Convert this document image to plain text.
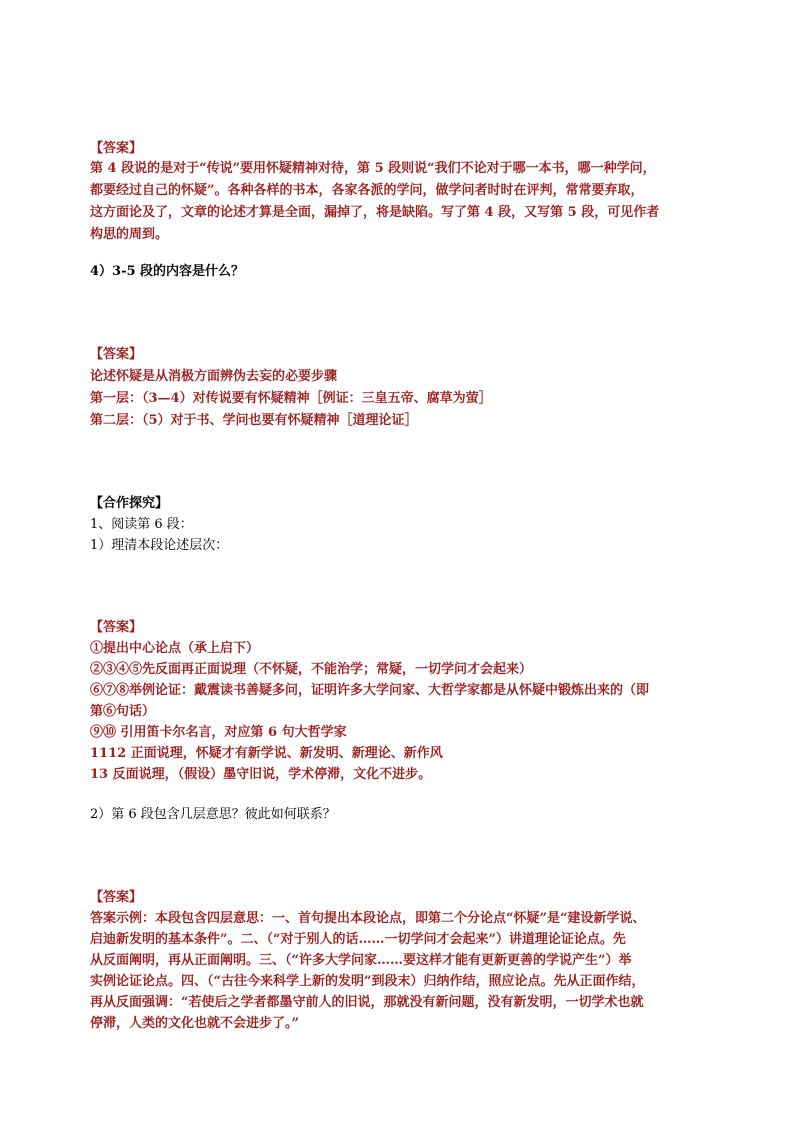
【答案】
第 4 段说的是对于“传说”要用怀疑精神对待，第 5 段则说“我们不论对于哪一本书，哪一种学问，
都要经过自己的怀疑”。各种各样的书本，各家各派的学问，做学问者时时在评判，常常要弃取，
这方面论及了，文章的论述才算是全面，漏掉了，将是缺陷。写了第 4 段，又写第 5 段，可见作者
构思的周到。
4）3-5 段的内容是什么？
【答案】
论述怀疑是从消极方面辨伪去妄的必要步骤
第一层：（3—4）对传说要有怀疑精神［例证：三皇五帝、腐草为萤］
第二层：（5）对于书、学问也要有怀疑精神［道理论证］
【合作探究】
1、阅读第 6 段：
1）理清本段论述层次：
【答案】
①提出中心论点（承上启下）
②③④⑤先反面再正面说理（不怀疑，不能治学；常疑，一切学问才会起来）
⑥⑦⑧举例论证：戴震读书善疑多问，证明许多大学问家、大哲学家都是从怀疑中锻炼出来的（即
第⑥句话）
⑨⑩ 引用笛卡尔名言，对应第 6 句大哲学家
1112 正面说理，怀疑才有新学说、新发明、新理论、新作风
13 反面说理，（假设）墨守旧说，学术停滞，文化不进步。
2）第 6 段包含几层意思？彼此如何联系？
【答案】
答案示例：本段包含四层意思：一、首句提出本段论点，即第二个分论点“怀疑”是“建设新学说、
启迪新发明的基本条件”。二、（“对于别人的话……一切学问才会起来”）讲道理论证论点。先
从反面阐明，再从正面阐明。三、（“许多大学问家……要这样才能有更新更善的学说产生”）举
实例论证论点。四、（“古往今来科学上新的发明”到段末）归纳作结，照应论点。先从正面作结，
再从反面强调：“若使后之学者都墨守前人的旧说，那就没有新问题，没有新发明，一切学术也就
停滞，人类的文化也就不会进步了。”
